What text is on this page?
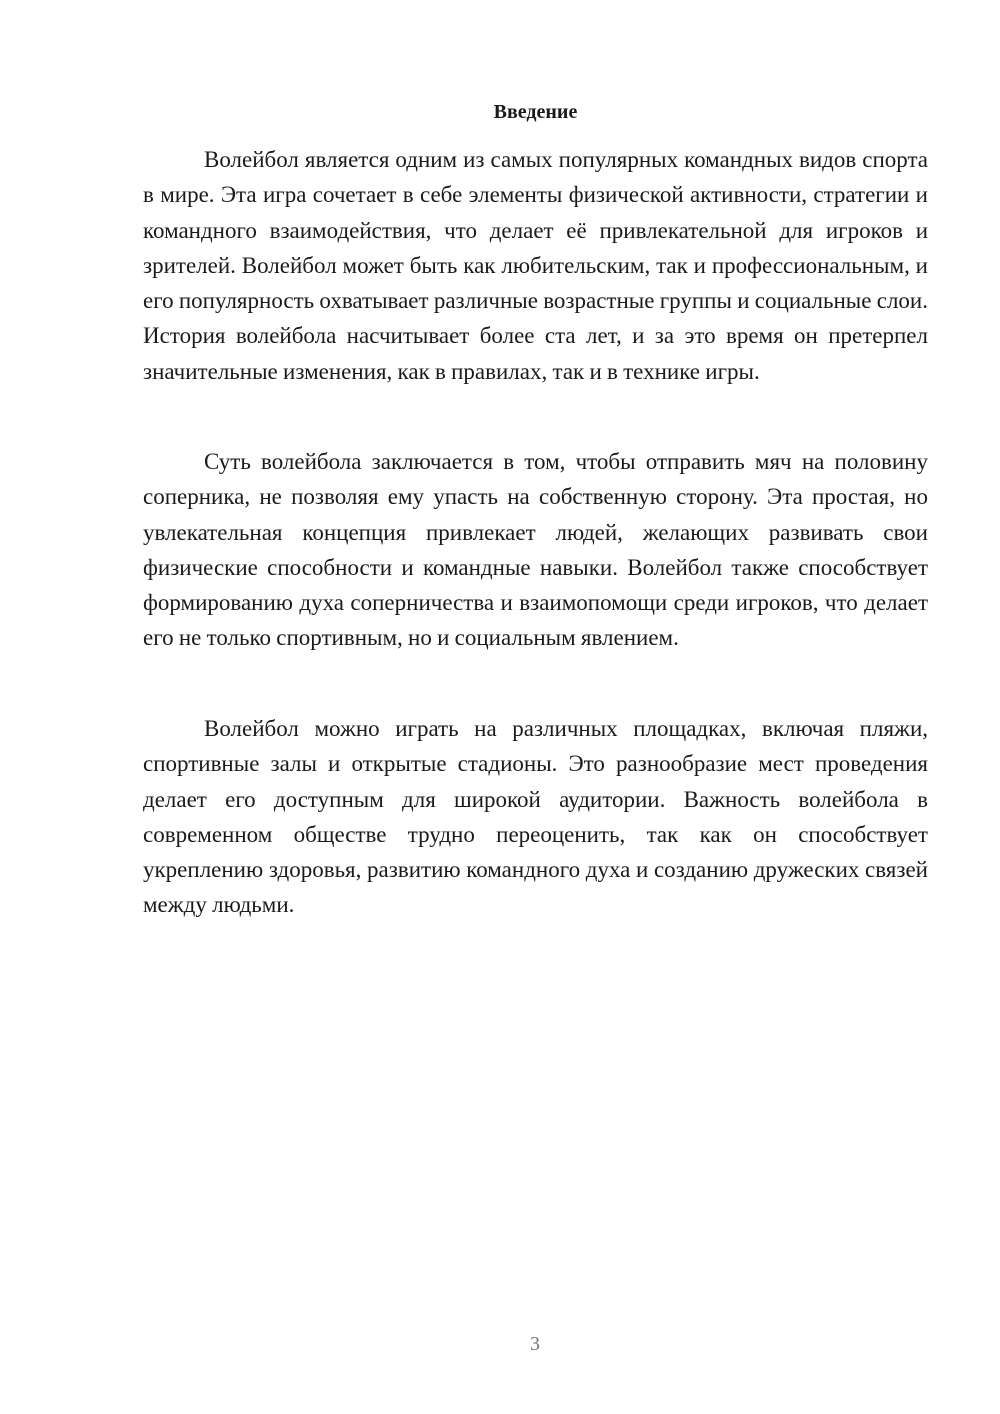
Введение

Волейбол является одним из самых популярных командных видов спорта в мире. Эта игра сочетает в себе элементы физической активности, стратегии и командного взаимодействия, что делает её привлекательной для игроков и зрителей. Волейбол может быть как любительским, так и профессиональным, и его популярность охватывает различные возрастные группы и социальные слои. История волейбола насчитывает более ста лет, и за это время он претерпел значительные изменения, как в правилах, так и в технике игры.

Суть волейбола заключается в том, чтобы отправить мяч на половину соперника, не позволяя ему упасть на собственную сторону. Эта простая, но увлекательная концепция привлекает людей, желающих развивать свои физические способности и командные навыки. Волейбол также способствует формированию духа соперничества и взаимопомощи среди игроков, что делает его не только спортивным, но и социальным явлением.

Волейбол можно играть на различных площадках, включая пляжи, спортивные залы и открытые стадионы. Это разнообразие мест проведения делает его доступным для широкой аудитории. Важность волейбола в современном обществе трудно переоценить, так как он способствует укреплению здоровья, развитию командного духа и созданию дружеских связей между людьми.

3
